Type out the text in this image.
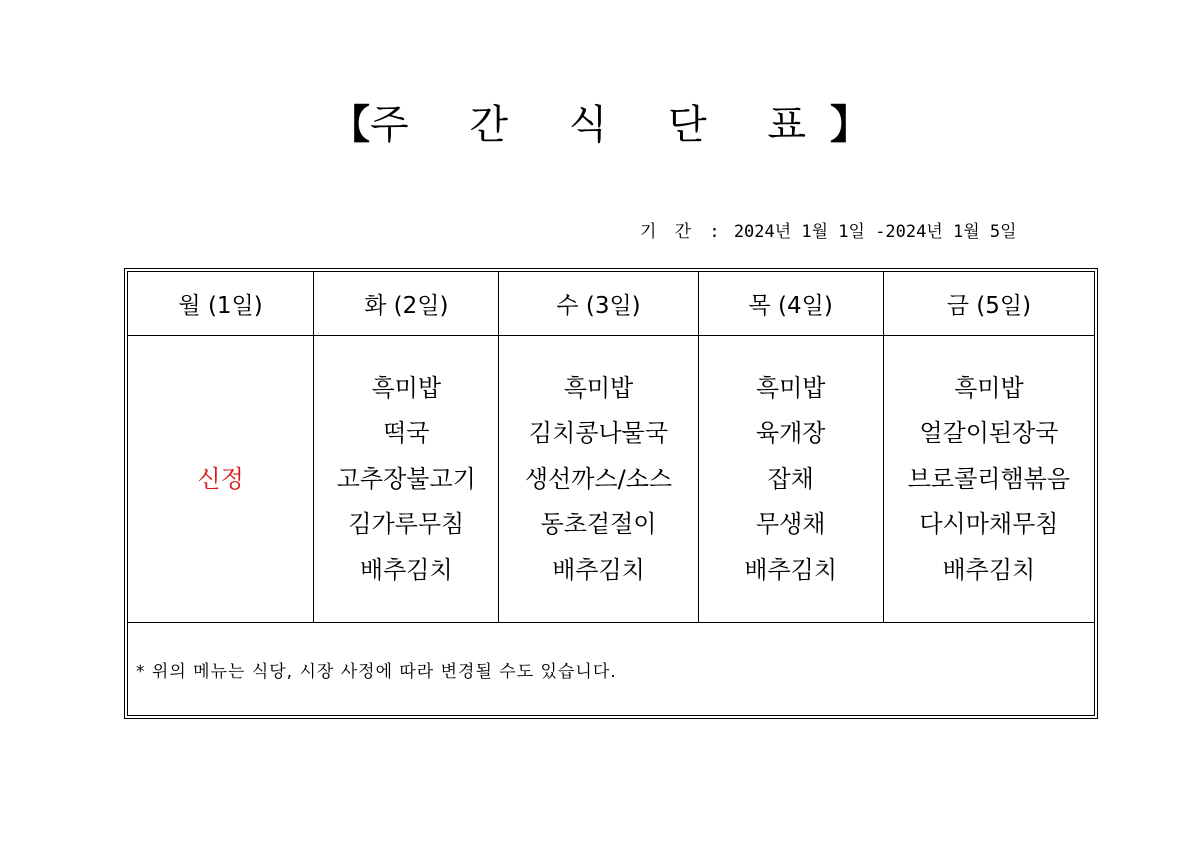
【주 간 식 단 표】
기 간 : 2024년 1월 1일 -2024년 1월 5일
월 (1일)	화 (2일)	수 (3일)	목 (4일)	금 (5일)

신정	흑미밥
떡국
고추장불고기
김가루무침
배추김치	흑미밥
김치콩나물국
생선까스/소스
동초겉절이
배추김치	흑미밥
육개장
잡채
무생채
배추김치	흑미밥
얼갈이된장국
브로콜리햄볶음
다시마채무침
배추김치

* 위의 메뉴는 식당, 시장 사정에 따라 변경될 수도 있습니다.				
